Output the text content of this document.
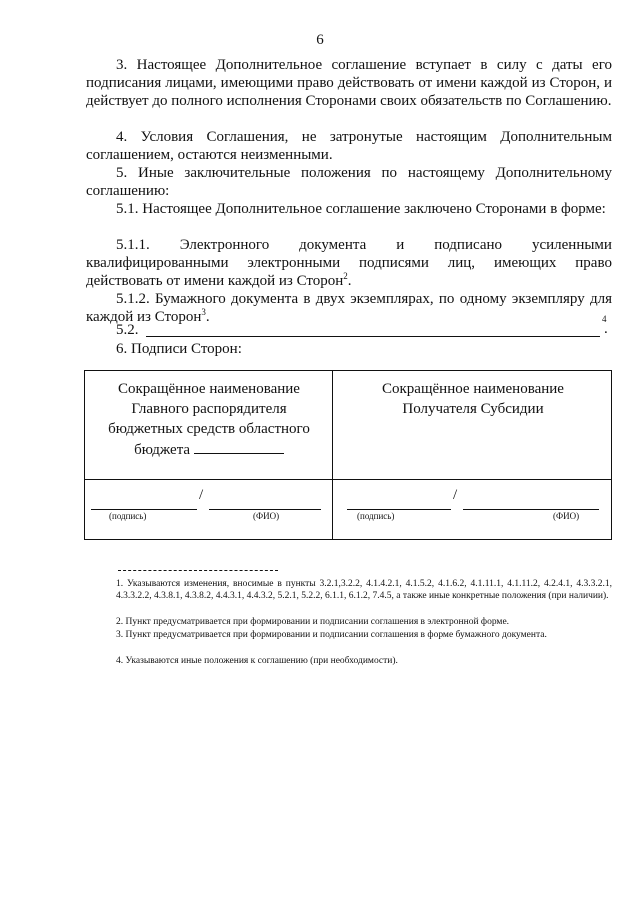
6
3. Настоящее Дополнительное соглашение вступает в силу с даты его подписания лицами, имеющими право действовать от имени каждой из Сторон, и действует до полного исполнения Сторонами своих обязательств по Соглашению.
4. Условия Соглашения, не затронутые настоящим Дополнительным соглашением, остаются неизменными.
5. Иные заключительные положения по настоящему Дополнительному соглашению:
5.1. Настоящее Дополнительное соглашение заключено Сторонами в форме:
5.1.1. Электронного документа и подписано усиленными
квалифицированными электронными подписями лиц, имеющих право
действовать от имени каждой из Сторон$^2$.
5.1.2. Бумажного документа в двух экземплярах, по одному экземпляру для каждой из Сторон$^3$.
5.2.
4
.
6. Подписи Сторон:
Сокращённое наименование
Главного распорядителя
бюджетных средств областного
бюджета
Сокращённое наименование
Получателя Субсидии
/
(подпись)	(ФИО)
/
(подпись)	(ФИО)
1. Указываются изменения, вносимые в пункты 3.2.1,3.2.2, 4.1.4.2.1, 4.1.5.2, 4.1.6.2, 4.1.11.1, 4.1.11.2, 4.2.4.1, 4.3.3.2.1, 4.3.3.2.2, 4.3.8.1, 4.3.8.2, 4.4.3.1, 4.4.3.2, 5.2.1, 5.2.2, 6.1.1, 6.1.2, 7.4.5, а также иные конкретные положения (при наличии).
2. Пункт предусматривается при формировании и подписании соглашения в электронной форме.
3. Пункт предусматривается при формировании и подписании соглашения в форме бумажного документа.
4. Указываются иные положения к соглашению (при необходимости).
